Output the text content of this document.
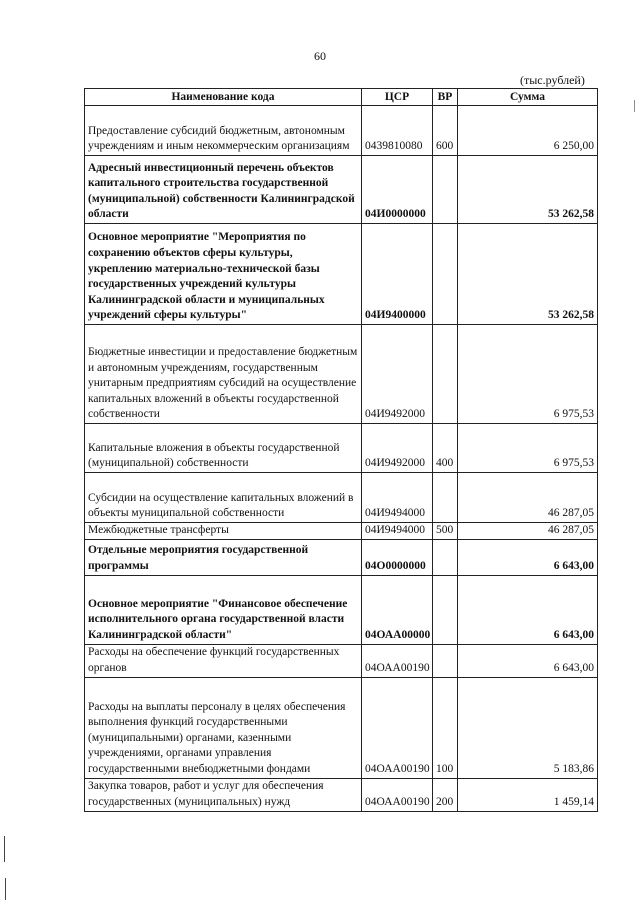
60
(тыс.рублей)
Наименование кода	ЦСР	ВР	Сумма
Предоставление субсидий бюджетным, автономным учреждениям и иным некоммерческим организациям	0439810080	600	6 250,00
Адресный инвестиционный перечень объектов капитального строительства государственной (муниципальной) собственности Калининградской области	04И0000000		53 262,58
Основное мероприятие "Мероприятия по сохранению объектов сферы культуры, укреплению материально-технической базы государственных учреждений культуры Калининградской области и муниципальных учреждений сферы культуры"	04И9400000		53 262,58
Бюджетные инвестиции и предоставление бюджетным и автономным учреждениям, государственным унитарным предприятиям субсидий на осуществление капитальных вложений в объекты государственной собственности	04И9492000		6 975,53
Капитальные вложения в объекты государственной (муниципальной) собственности	04И9492000	400	6 975,53
Субсидии на осуществление капитальных вложений в объекты муниципальной собственности	04И9494000		46 287,05
Межбюджетные трансферты	04И9494000	500	46 287,05
Отдельные мероприятия государственной программы	04О0000000		6 643,00
Основное мероприятие "Финансовое обеспечение исполнительного органа государственной власти Калининградской области"	04ОАА00000		6 643,00
Расходы на обеспечение функций государственных органов	04ОАА00190		6 643,00
Расходы на выплаты персоналу в целях обеспечения выполнения функций государственными (муниципальными) органами, казенными учреждениями, органами управления государственными внебюджетными фондами	04ОАА00190	100	5 183,86
Закупка товаров, работ и услуг для обеспечения государственных (муниципальных) нужд	04ОАА00190	200	1 459,14
